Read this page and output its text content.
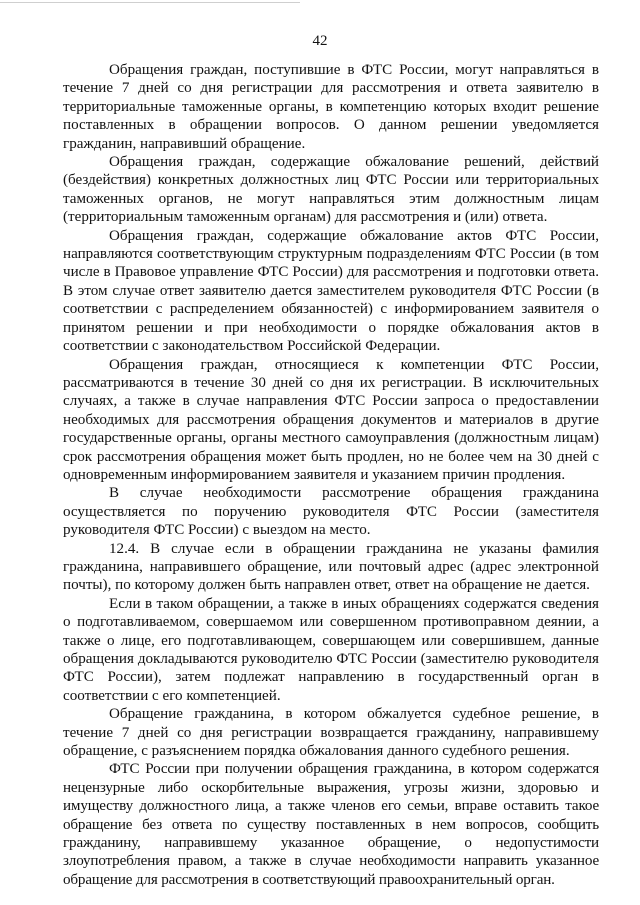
42

Обращения граждан, поступившие в ФТС России, могут направляться в течение 7 дней со дня регистрации для рассмотрения и ответа заявителю в территориальные таможенные органы, в компетенцию которых входит решение поставленных в обращении вопросов. О данном решении уведомляется гражданин, направивший обращение.

Обращения граждан, содержащие обжалование решений, действий (бездействия) конкретных должностных лиц ФТС России или территориальных таможенных органов, не могут направляться этим должностным лицам (территориальным таможенным органам) для рассмотрения и (или) ответа.

Обращения граждан, содержащие обжалование актов ФТС России, направляются соответствующим структурным подразделениям ФТС России (в том числе в Правовое управление ФТС России) для рассмотрения и подготовки ответа. В этом случае ответ заявителю дается заместителем руководителя ФТС России (в соответствии с распределением обязанностей) с информированием заявителя о принятом решении и при необходимости о порядке обжалования актов в соответствии с законодательством Российской Федерации.

Обращения граждан, относящиеся к компетенции ФТС России, рассматриваются в течение 30 дней со дня их регистрации. В исключительных случаях, а также в случае направления ФТС России запроса о предоставлении необходимых для рассмотрения обращения документов и материалов в другие государственные органы, органы местного самоуправления (должностным лицам) срок рассмотрения обращения может быть продлен, но не более чем на 30 дней с одновременным информированием заявителя и указанием причин продления.

В случае необходимости рассмотрение обращения гражданина осуществляется по поручению руководителя ФТС России (заместителя руководителя ФТС России) с выездом на место.

12.4. В случае если в обращении гражданина не указаны фамилия гражданина, направившего обращение, или почтовый адрес (адрес электронной почты), по которому должен быть направлен ответ, ответ на обращение не дается.

Если в таком обращении, а также в иных обращениях содержатся сведения о подготавливаемом, совершаемом или совершенном противоправном деянии, а также о лице, его подготавливающем, совершающем или совершившем, данные обращения докладываются руководителю ФТС России (заместителю руководителя ФТС России), затем подлежат направлению в государственный орган в соответствии с его компетенцией.

Обращение гражданина, в котором обжалуется судебное решение, в течение 7 дней со дня регистрации возвращается гражданину, направившему обращение, с разъяснением порядка обжалования данного судебного решения.

ФТС России при получении обращения гражданина, в котором содержатся нецензурные либо оскорбительные выражения, угрозы жизни, здоровью и имуществу должностного лица, а также членов его семьи, вправе оставить такое обращение без ответа по существу поставленных в нем вопросов, сообщить гражданину, направившему указанное обращение, о недопустимости злоупотребления правом, а также в случае необходимости направить указанное обращение для рассмотрения в соответствующий правоохранительный орган.
